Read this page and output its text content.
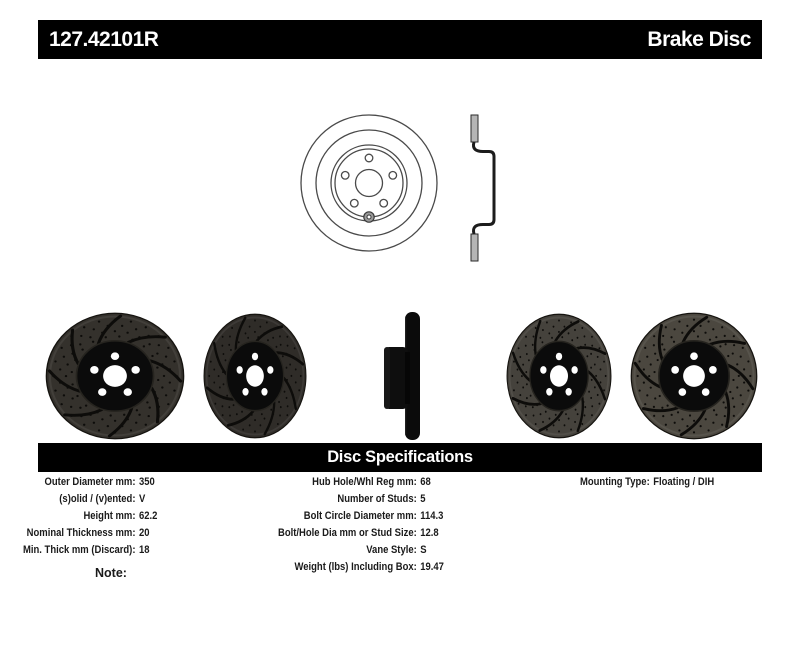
127.42101R	Brake Disc
Disc Specifications
Outer Diameter mm :	350
(s)olid / (v)ented :	V
Height mm :	62.2
Nominal Thickness mm :	20
Min. Thick mm (Discard) :	18
Hub Hole/Whl Reg mm :	68
Number of Studs :	5
Bolt Circle Diameter mm :	114.3
Bolt/Hole Dia mm or Stud Size :	12.8
Vane Style :	S
Weight (lbs) Including Box :	19.47
Mounting Type :	Floating / DIH
Note:
